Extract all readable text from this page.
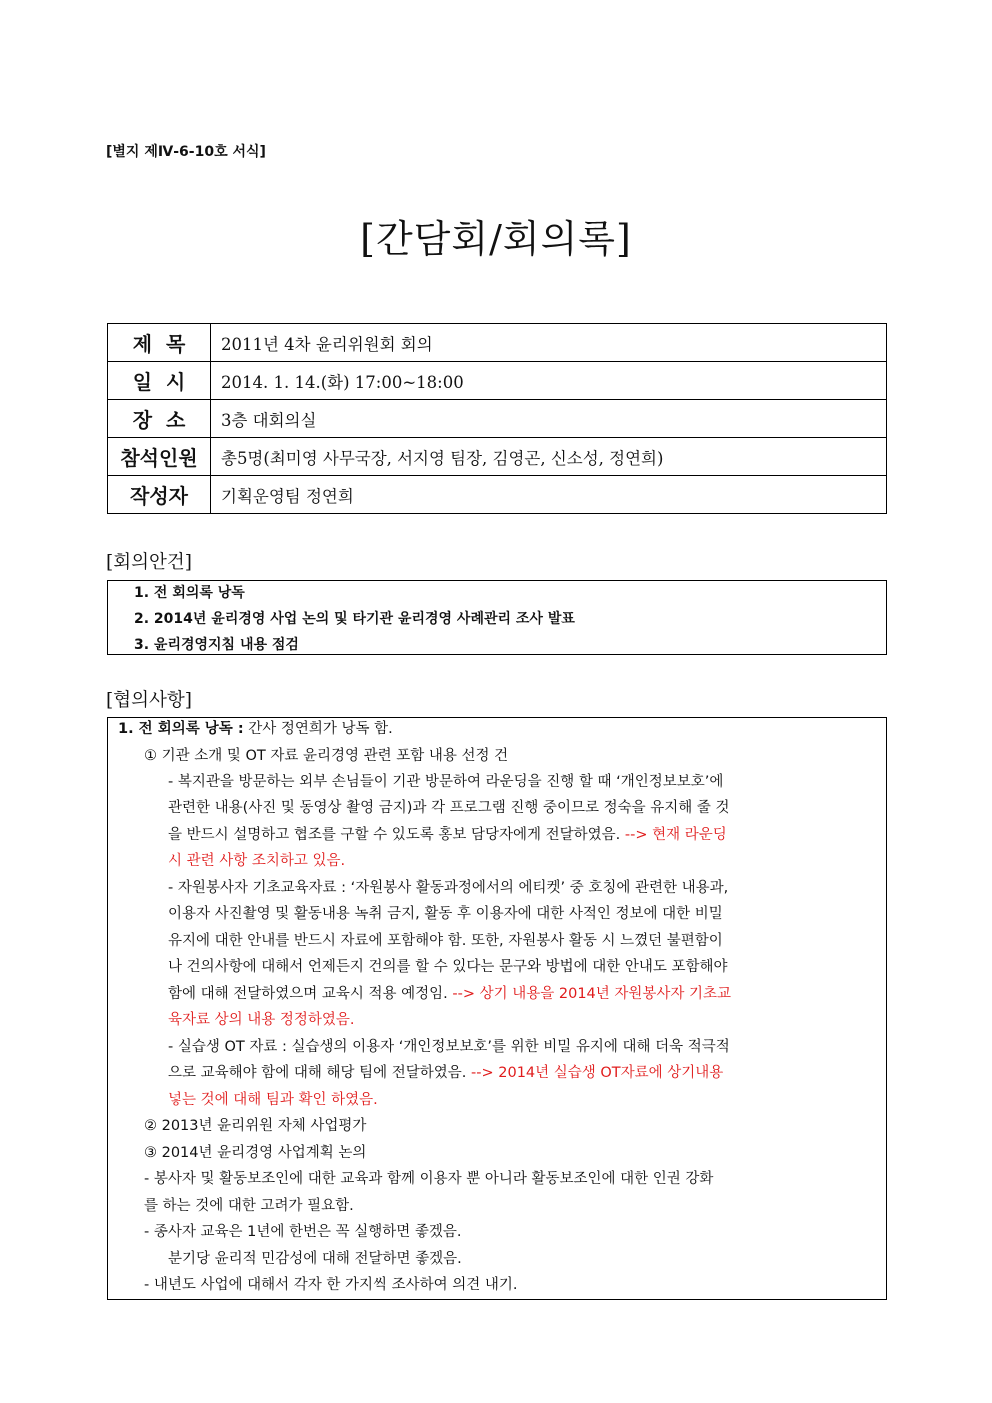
[별지 제Ⅳ-6-10호 서식]
[간담회/회의록]
제  목	2011년 4차 윤리위원회 회의
일  시	2014. 1. 14.(화) 17:00~18:00
장  소	3층 대회의실
참석인원	총5명(최미영 사무국장, 서지영 팀장, 김영곤, 신소성, 정연희)
작성자	기획운영팀 정연희
[회의안건]
1. 전 회의록 낭독
2. 2014년 윤리경영 사업 논의 및 타기관 윤리경영 사례관리 조사 발표
3. 윤리경영지침 내용 점검
[협의사항]
1. 전 회의록 낭독 : 간사 정연희가 낭독 함.
① 기관 소개 및 OT 자료 윤리경영 관련 포함 내용 선정 건
- 복지관을 방문하는 외부 손님들이 기관 방문하여 라운딩을 진행 할 때 ‘개인정보보호’에
관련한 내용(사진 및 동영상 촬영 금지)과 각 프로그램 진행 중이므로 정숙을 유지해 줄 것
을 반드시 설명하고 협조를 구할 수 있도록 홍보 담당자에게 전달하였음. --> 현재 라운딩
시 관련 사항 조치하고 있음.
- 자원봉사자 기초교육자료 : ‘자원봉사 활동과정에서의 에티켓’ 중 호칭에 관련한 내용과,
이용자 사진촬영 및 활동내용 녹취 금지, 활동 후 이용자에 대한 사적인 정보에 대한 비밀
유지에 대한 안내를 반드시 자료에 포함해야 함. 또한, 자원봉사 활동 시 느꼈던 불편함이
나 건의사항에 대해서 언제든지 건의를 할 수 있다는 문구와 방법에 대한 안내도 포함해야
함에 대해 전달하였으며 교육시 적용 예정임. --> 상기 내용을 2014년 자원봉사자 기초교
육자료 상의 내용 정정하였음.
- 실습생 OT 자료 : 실습생의 이용자 ‘개인정보보호’를 위한 비밀 유지에 대해 더욱 적극적
으로 교육해야 함에 대해 해당 팀에 전달하였음. --> 2014년 실습생 OT자료에 상기내용
넣는 것에 대해 팀과 확인 하였음.
② 2013년 윤리위원 자체 사업평가
③ 2014년 윤리경영 사업계획 논의
- 봉사자 및 활동보조인에 대한 교육과 함께 이용자 뿐 아니라 활동보조인에 대한 인권 강화
를 하는 것에 대한 고려가 필요함.
- 종사자 교육은 1년에 한번은 꼭 실행하면 좋겠음.
분기당 윤리적 민감성에 대해 전달하면 좋겠음.
- 내년도 사업에 대해서 각자 한 가지씩 조사하여 의견 내기.
